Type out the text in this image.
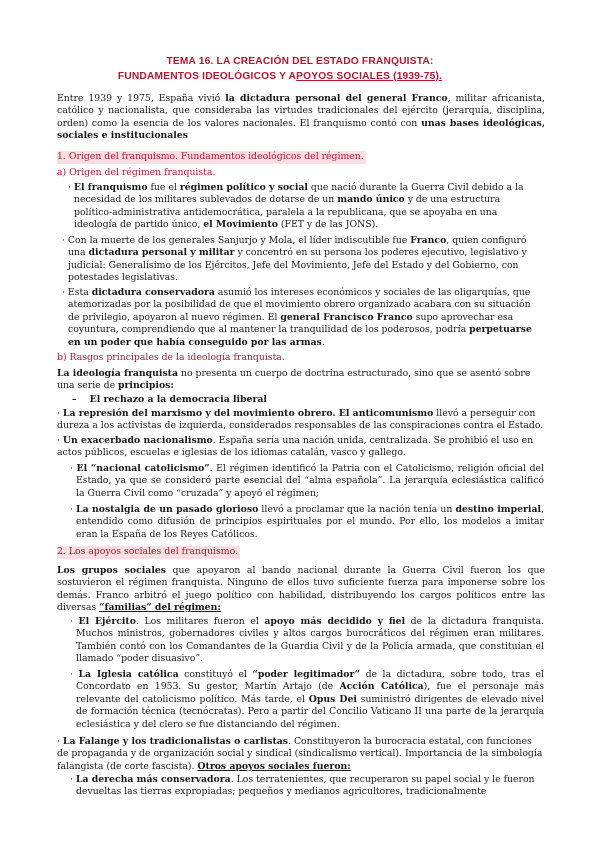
TEMA 16. LA CREACIÓN DEL ESTADO FRANQUISTA:
FUNDAMENTOS IDEOLÓGICOS Y APOYOS SOCIALES (1939-75).
Entre 1939 y 1975, España vivió la dictadura personal del general Franco, militar africanista, católico y nacionalista, que consideraba las virtudes tradicionales del ejército (jerarquía, disciplina, orden) como la esencia de los valores nacionales. El franquismo contó con unas bases ideológicas, sociales e institucionales
1. Origen del franquismo. Fundamentos ideológicos del régimen.
a) Origen del régimen franquista.
· El franquismo fue el régimen político y social que nació durante la Guerra Civil debido a la necesidad de los militares sublevados de dotarse de un mando único y de una estructura político-administrativa antidemocrática, paralela a la republicana, que se apoyaba en una ideología de partido único, el Movimiento (FET y de las JONS).
· Con la muerte de los generales Sanjurjo y Mola, el líder indiscutible fue Franco, quien configuró una dictadura personal y militar y concentró en su persona los poderes ejecutivo, legislativo y judicial: Generalísimo de los Ejércitos, Jefe del Movimiento, Jefe del Estado y del Gobierno, con potestades legislativas.
· Esta dictadura conservadora asumió los intereses económicos y sociales de las oligarquías, que atemorizadas por la posibilidad de que el movimiento obrero organizado acabara con su situación de privilegio, apoyaron al nuevo régimen. El general Francisco Franco supo aprovechar esa coyuntura, comprendiendo que al mantener la tranquilidad de los poderosos, podría perpetuarse en un poder que había conseguido por las armas.
b) Rasgos principales de la ideología franquista.
La ideología franquista no presenta un cuerpo de doctrina estructurado, sino que se asentó sobre una serie de principios:
–    El rechazo a la democracia liberal
· La represión del marxismo y del movimiento obrero. El anticomunismo llevó a perseguir con dureza a los activistas de izquierda, considerados responsables de las conspiraciones contra el Estado.
· Un exacerbado nacionalismo. España sería una nación unida, centralizada. Se prohibió el uso en actos públicos, escuelas e iglesias de los idiomas catalán, vasco y gallego.
· El “nacional catolicismo”. El régimen identificó la Patria con el Catolicismo, religión oficial del Estado, ya que se consideró parte esencial del “alma española”. La jerarquía eclesiástica calificó la Guerra Civil como “cruzada” y apoyó el régimen;
· La nostalgia de un pasado glorioso llevó a proclamar que la nación tenía un destino imperial, entendido como difusión de principios espirituales por el mundo. Por ello, los modelos a imitar eran la España de los Reyes Católicos.
2. Los apoyos sociales del franquismo.
Los grupos sociales que apoyaron al bando nacional durante la Guerra Civil fueron los que sostuvieron el régimen franquista. Ninguno de ellos tuvo suficiente fuerza para imponerse sobre los demás. Franco arbitró el juego político con habilidad, distribuyendo los cargos políticos entre las diversas “familias” del régimen:
· El Ejército. Los militares fueron el apoyo más decidido y fiel de la dictadura franquista. Muchos ministros, gobernadores civiles y altos cargos burocráticos del régimen eran militares. También contó con los Comandantes de la Guardia Civil y de la Policía armada, que constituían el llamado “poder disuasivo”.
· La Iglesia católica constituyó el “poder legitimador” de la dictadura, sobre todo, tras el Concordato en 1953. Su gestor, Martín Artajo (de Acción Católica), fue el personaje más relevante del catolicismo político. Más tarde, el Opus Dei suministró dirigentes de elevado nivel de formación técnica (tecnócratas). Pero a partir del Concilio Vaticano II una parte de la jerarquía eclesiástica y del clero se fue distanciando del régimen.
· La Falange y los tradicionalistas o carlistas. Constituyeron la burocracia estatal, con funciones de propaganda y de organización social y sindical (sindicalismo vertical). Importancia de la simbología falangista (de corte fascista). Otros apoyos sociales fueron:
· La derecha más conservadora. Los terratenientes, que recuperaron su papel social y le fueron devueltas las tierras expropiadas; pequeños y medianos agricultores, tradicionalmente
